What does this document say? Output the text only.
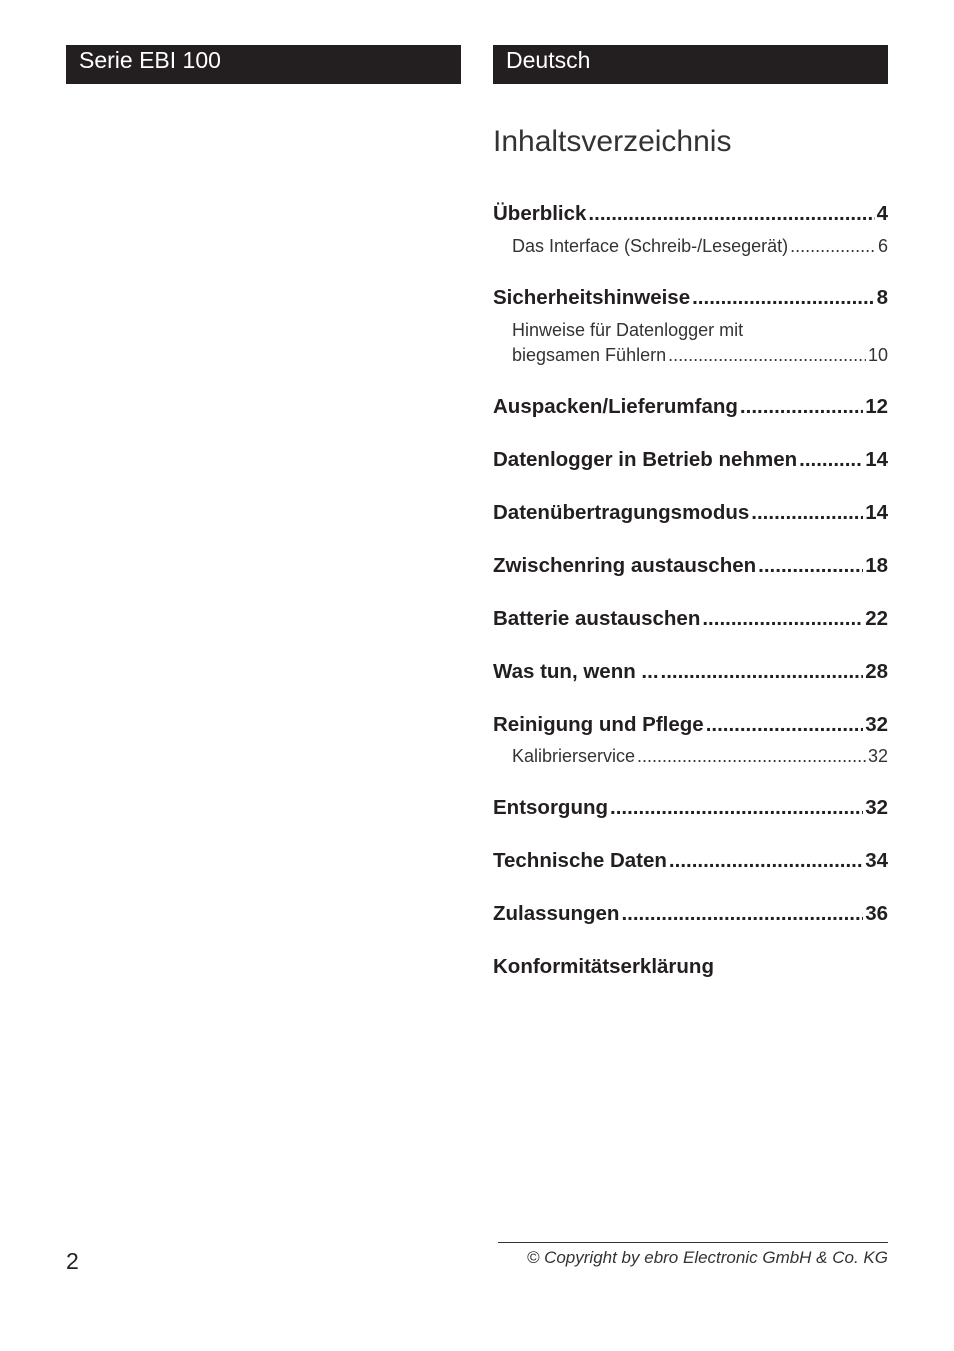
Serie EBI 100	Deutsch
Inhaltsverzeichnis
Überblick .....	4
Das Interface (Schreib-/Lesegerät) .....	6
Sicherheitshinweise .....	8
Hinweise für Datenlogger mit
biegsamen Fühlern .....	10
Auspacken/Lieferumfang .....	12
Datenlogger in Betrieb nehmen .....	14
Datenübertragungsmodus .....	14
Zwischenring austauschen .....	18
Batterie austauschen .....	22
Was tun, wenn ... .....	28
Reinigung und Pflege .....	32
Kalibrierservice .....	32
Entsorgung .....	32
Technische Daten .....	34
Zulassungen .....	36
Konformitätserklärung
© Copyright by ebro Electronic GmbH & Co. KG
2
